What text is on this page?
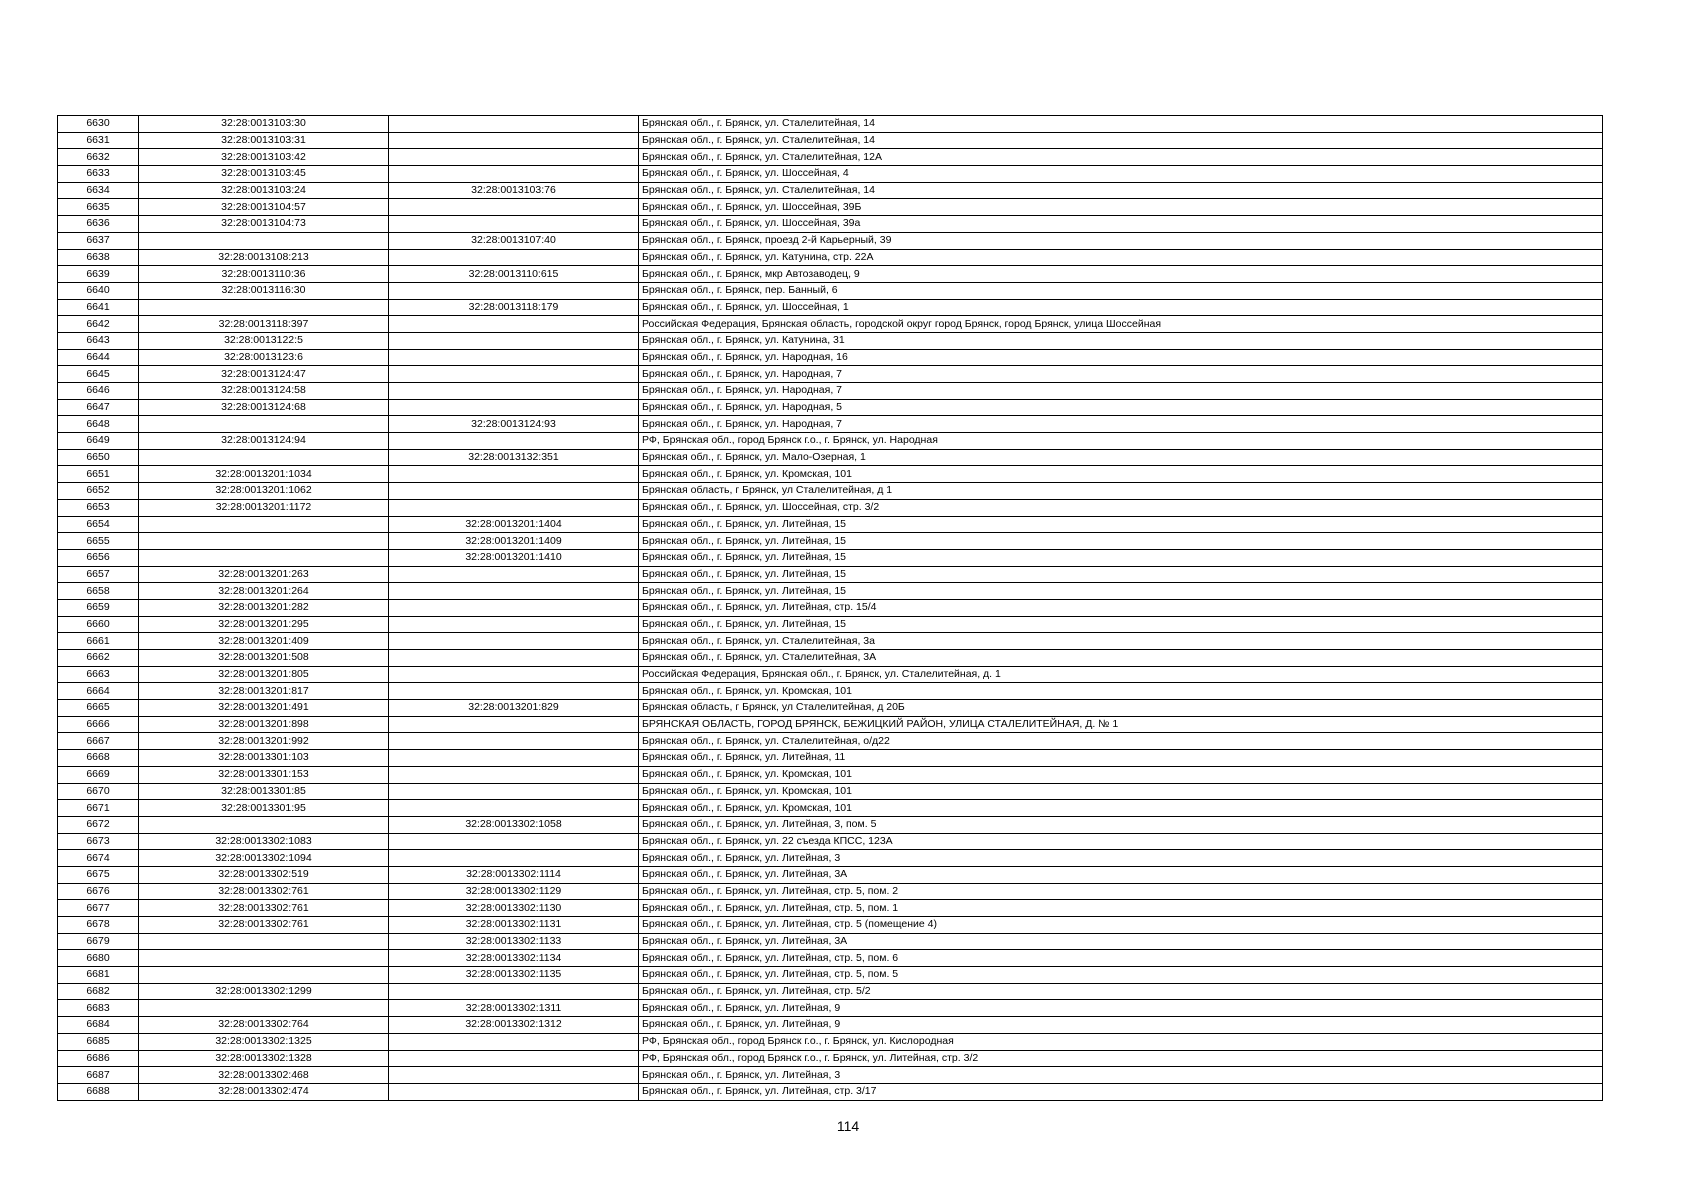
6630	32:28:0013103:30		Брянская обл., г. Брянск, ул. Сталелитейная, 14
6631	32:28:0013103:31		Брянская обл., г. Брянск, ул. Сталелитейная, 14
6632	32:28:0013103:42		Брянская обл., г. Брянск, ул. Сталелитейная, 12А
6633	32:28:0013103:45		Брянская обл., г. Брянск, ул. Шоссейная, 4
6634	32:28:0013103:24	32:28:0013103:76	Брянская обл., г. Брянск, ул. Сталелитейная, 14
6635	32:28:0013104:57		Брянская обл., г. Брянск, ул. Шоссейная, 39Б
6636	32:28:0013104:73		Брянская обл., г. Брянск, ул. Шоссейная, 39а
6637		32:28:0013107:40	Брянская обл., г. Брянск, проезд 2-й Карьерный, 39
6638	32:28:0013108:213		Брянская обл., г. Брянск, ул. Катунина, стр. 22А
6639	32:28:0013110:36	32:28:0013110:615	Брянская обл., г. Брянск, мкр Автозаводец, 9
6640	32:28:0013116:30		Брянская обл., г. Брянск, пер. Банный, 6
6641		32:28:0013118:179	Брянская обл., г. Брянск, ул. Шоссейная, 1
6642	32:28:0013118:397		Российская Федерация, Брянская область, городской округ город Брянск, город Брянск, улица Шоссейная
6643	32:28:0013122:5		Брянская обл., г. Брянск, ул. Катунина, 31
6644	32:28:0013123:6		Брянская обл., г. Брянск, ул. Народная, 16
6645	32:28:0013124:47		Брянская обл., г. Брянск, ул. Народная, 7
6646	32:28:0013124:58		Брянская обл., г. Брянск, ул. Народная, 7
6647	32:28:0013124:68		Брянская обл., г. Брянск, ул. Народная, 5
6648		32:28:0013124:93	Брянская обл., г. Брянск, ул. Народная, 7
6649	32:28:0013124:94		РФ, Брянская обл., город Брянск г.о., г. Брянск, ул. Народная
6650		32:28:0013132:351	Брянская обл., г. Брянск, ул. Мало-Озерная, 1
6651	32:28:0013201:1034		Брянская обл., г. Брянск, ул. Кромская, 101
6652	32:28:0013201:1062		Брянская область, г Брянск, ул Сталелитейная, д 1
6653	32:28:0013201:1172		Брянская обл., г. Брянск, ул. Шоссейная, стр. 3/2
6654		32:28:0013201:1404	Брянская обл., г. Брянск, ул. Литейная, 15
6655		32:28:0013201:1409	Брянская обл., г. Брянск, ул. Литейная, 15
6656		32:28:0013201:1410	Брянская обл., г. Брянск, ул. Литейная, 15
6657	32:28:0013201:263		Брянская обл., г. Брянск, ул. Литейная, 15
6658	32:28:0013201:264		Брянская обл., г. Брянск, ул. Литейная, 15
6659	32:28:0013201:282		Брянская обл., г. Брянск, ул. Литейная, стр. 15/4
6660	32:28:0013201:295		Брянская обл., г. Брянск, ул. Литейная, 15
6661	32:28:0013201:409		Брянская обл., г. Брянск, ул. Сталелитейная, 3а
6662	32:28:0013201:508		Брянская обл., г. Брянск, ул. Сталелитейная, 3А
6663	32:28:0013201:805		Российская Федерация, Брянская обл., г. Брянск, ул. Сталелитейная, д. 1
6664	32:28:0013201:817		Брянская обл., г. Брянск, ул. Кромская, 101
6665	32:28:0013201:491	32:28:0013201:829	Брянская область, г Брянск, ул Сталелитейная, д 20Б
6666	32:28:0013201:898		БРЯНСКАЯ ОБЛАСТЬ, ГОРОД БРЯНСК, БЕЖИЦКИЙ РАЙОН, УЛИЦА СТАЛЕЛИТЕЙНАЯ, Д. № 1
6667	32:28:0013201:992		Брянская обл., г. Брянск, ул. Сталелитейная, о/д22
6668	32:28:0013301:103		Брянская обл., г. Брянск, ул. Литейная, 11
6669	32:28:0013301:153		Брянская обл., г. Брянск, ул. Кромская, 101
6670	32:28:0013301:85		Брянская обл., г. Брянск, ул. Кромская, 101
6671	32:28:0013301:95		Брянская обл., г. Брянск, ул. Кромская, 101
6672		32:28:0013302:1058	Брянская обл., г. Брянск, ул. Литейная, 3, пом. 5
6673	32:28:0013302:1083		Брянская обл., г. Брянск, ул. 22 съезда КПСС, 123А
6674	32:28:0013302:1094		Брянская обл., г. Брянск, ул. Литейная, 3
6675	32:28:0013302:519	32:28:0013302:1114	Брянская обл., г. Брянск, ул. Литейная, 3А
6676	32:28:0013302:761	32:28:0013302:1129	Брянская обл., г. Брянск, ул. Литейная, стр. 5, пом. 2
6677	32:28:0013302:761	32:28:0013302:1130	Брянская обл., г. Брянск, ул. Литейная, стр. 5, пом. 1
6678	32:28:0013302:761	32:28:0013302:1131	Брянская обл., г. Брянск, ул. Литейная, стр. 5 (помещение 4)
6679		32:28:0013302:1133	Брянская обл., г. Брянск, ул. Литейная, 3А
6680		32:28:0013302:1134	Брянская обл., г. Брянск, ул. Литейная, стр. 5, пом. 6
6681		32:28:0013302:1135	Брянская обл., г. Брянск, ул. Литейная, стр. 5, пом. 5
6682	32:28:0013302:1299		Брянская обл., г. Брянск, ул. Литейная, стр. 5/2
6683		32:28:0013302:1311	Брянская обл., г. Брянск, ул. Литейная, 9
6684	32:28:0013302:764	32:28:0013302:1312	Брянская обл., г. Брянск, ул. Литейная, 9
6685	32:28:0013302:1325		РФ, Брянская обл., город Брянск г.о., г. Брянск, ул. Кислородная
6686	32:28:0013302:1328		РФ, Брянская обл., город Брянск г.о., г. Брянск, ул. Литейная, стр. 3/2
6687	32:28:0013302:468		Брянская обл., г. Брянск, ул. Литейная, 3
6688	32:28:0013302:474		Брянская обл., г. Брянск, ул. Литейная, стр. 3/17
114
